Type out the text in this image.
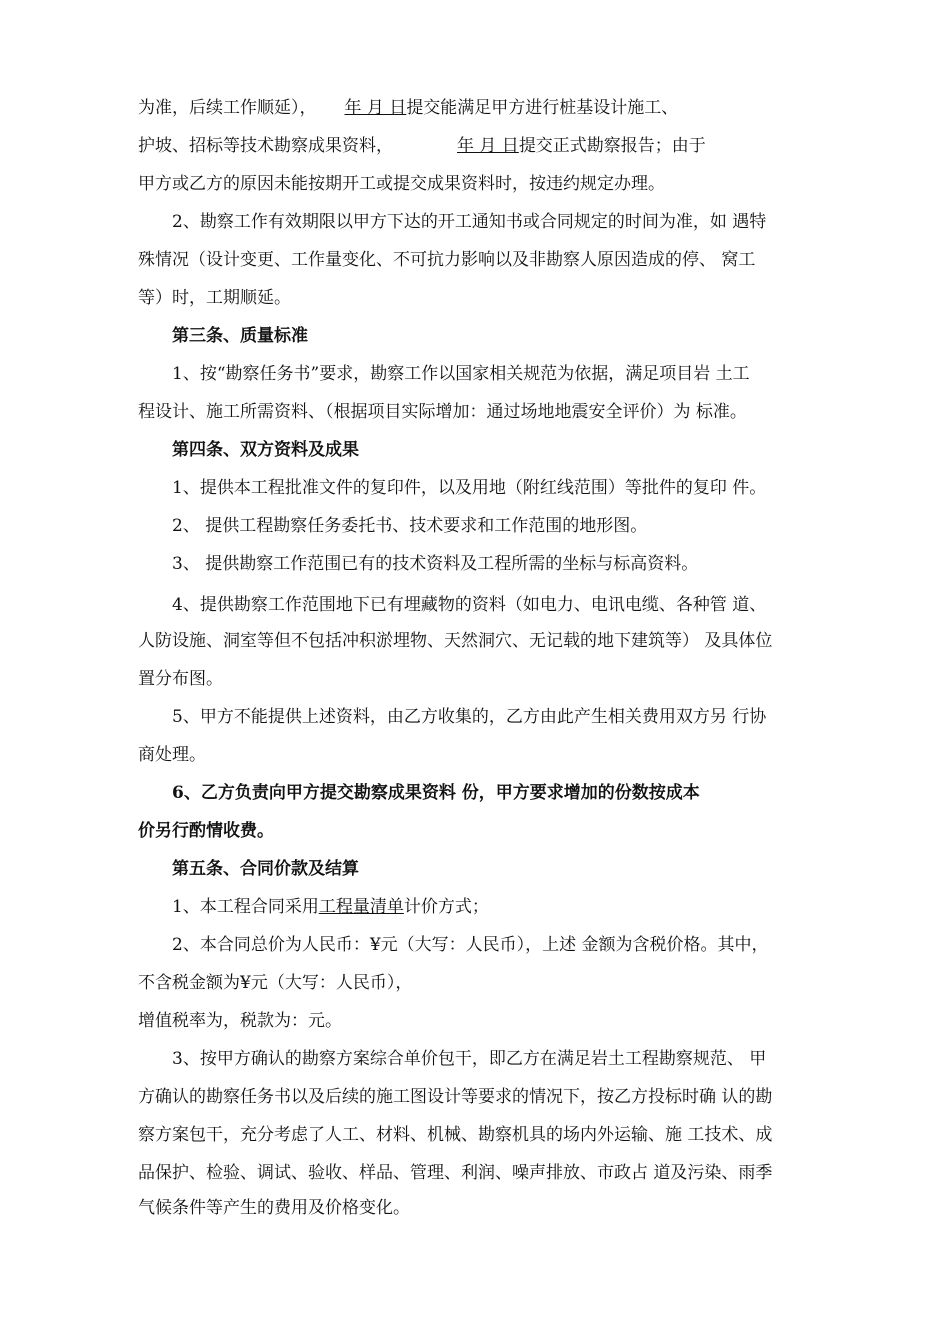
为准，后续工作顺延）， 年 月 日提交能满足甲方进行桩基设计施工、
护坡、招标等技术勘察成果资料，	年 月 日提交正式勘察报告；由于
甲方或乙方的原因未能按期开工或提交成果资料时，按违约规定办理。
2、勘察工作有效期限以甲方下达的开工通知书或合同规定的时间为准，如 遇特
殊情况（设计变更、工作量变化、不可抗力影响以及非勘察人原因造成的停、 窝工
等）时，工期顺延。
第三条、质量标准
1、按“勘察任务书”要求，勘察工作以国家相关规范为依据，满足项目岩 土工
程设计、施工所需资料、（根据项目实际增加：通过场地地震安全评价）为 标准。
第四条、双方资料及成果
1、提供本工程批准文件的复印件，以及用地（附红线范围）等批件的复印 件。
2、 提供工程勘察任务委托书、技术要求和工作范围的地形图。
3、 提供勘察工作范围已有的技术资料及工程所需的坐标与标高资料。
4、提供勘察工作范围地下已有埋藏物的资料（如电力、电讯电缆、各种管 道、
人防设施、洞室等但不包括冲积淤埋物、天然洞穴、无记载的地下建筑等） 及具体位
置分布图。
5、甲方不能提供上述资料，由乙方收集的，乙方由此产生相关费用双方另 行协
商处理。
6、乙方负责向甲方提交勘察成果资料 份，甲方要求增加的份数按成本
价另行酌情收费。
第五条、合同价款及结算
1、本工程合同采用工程量清单计价方式；
2、本合同总价为人民币：¥元（大写：人民币），上述 金额为含税价格。其中，
不含税金额为¥元（大写：人民币），
增值税率为，税款为：元。
3、按甲方确认的勘察方案综合单价包干，即乙方在满足岩土工程勘察规范、 甲
方确认的勘察任务书以及后续的施工图设计等要求的情况下，按乙方投标时确 认的勘
察方案包干，充分考虑了人工、材料、机械、勘察机具的场内外运输、施 工技术、成
品保护、检验、调试、验收、样品、管理、利润、噪声排放、市政占 道及污染、雨季
气候条件等产生的费用及价格变化。
